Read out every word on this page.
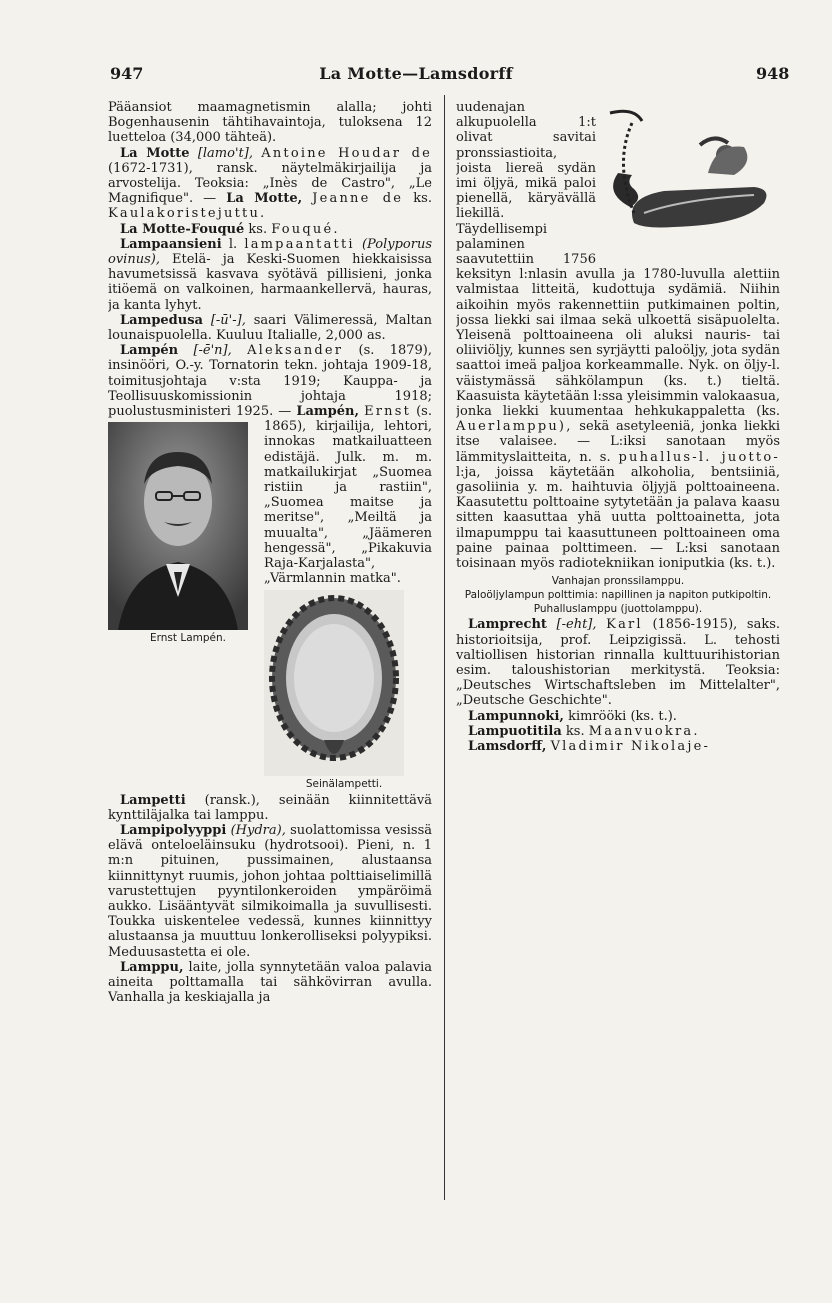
947	La Motte—Lamsdorff	948

Pääansiot maamagnetismin alalla; johti Bogenhausenin tähtihavaintoja, tuloksena 12 luetteloa (34,000 tähteä).

La Motte [lamo't], Antoine Houdar de (1672-1731), ransk. näytelmäkirjailija ja arvostelija. Teoksia: „Inès de Castro", „Le Magnifique". — La Motte, Jeanne de ks. Kaulakoristejuttu.

La Motte-Fouqué ks. Fouqué.

Lampaansieni l. lampaantatti (Polyporus ovinus), Etelä- ja Keski-Suomen hiekkaisissa havumetsissä kasvava syötävä pillisieni, jonka itiöemä on valkoinen, harmaankellervä, hauras, ja kanta lyhyt.

Lampedusa [-ū'-], saari Välimeressä, Maltan lounaispuolella. Kuuluu Italialle, 2,000 as.

Lampén [-ē'n], Aleksander (s. 1879), insinööri, O.-y. Tornatorin tekn. johtaja 1909-18, toimitusjohtaja v:sta 1919; Kauppa- ja Teollisuuskomissionin johtaja 1918; puolustusministeri 1925. —
Ernst Lampén.
Lampén, Ernst (s. 1865), kirjailija, lehtori, innokas matkailuatteen edistäjä. Julk. m. m. matkailukirjat „Suomea ristiin ja rastiin", „Suomea maitse ja meritse", „Meiltä ja muualta", „Jäämeren hengessä", „Pikakuvia Raja-Karjalasta", „Värmlannin matka".

Seinälampetti.
Lampetti (ransk.), seinään kiinnitettävä kynttiläjalka tai lamppu.

Lampipolyyppi (Hydra), suolattomissa vesissä elävä onteloeläinsuku (hydrotsooi). Pieni, n. 1 m:n pituinen, pussimainen, alustaansa kiinnittynyt ruumis, johon johtaa polttiaiselimillä varustettujen pyyntilonkeroiden ympäröimä aukko. Lisääntyvät silmikoimalla ja suvullisesti. Toukka uiskentelee vedessä, kunnes kiinnittyy alustaansa ja muuttuu lonkerolliseksi polyypiksi. Meduusastetta ei ole.

Lamppu, laite, jolla synnytetään valoa palavia aineita polttamalla tai sähkövirran avulla. Vanhalla ja keskiajalla ja

uudenajan alkupuolella 1:t olivat savitai pronssiastioita, joista liereä sydän imi öljyä, mikä paloi pienellä, käryävällä liekillä. Täydellisempi palaminen saavutettiin 1756 keksityn l:nlasin avulla ja 1780-luvulla alettiin valmistaa litteitä, kudottuja sydämiä. Niihin aikoihin myös rakennettiin putkimainen poltin, jossa liekki sai ilmaa sekä ulkoettä sisäpuolelta. Yleisenä polttoaineena oli aluksi nauris- tai oliiviöljy, kunnes sen syrjäytti paloöljy, jota sydän saattoi imeä paljoa korkeammalle. Nyk. on öljy-l. väistymässä sähkölampun (ks. t.) tieltä. Kaasuista käytetään l:ssa yleisimmin valokaasua, jonka liekki kuumentaa hehkukappaletta (ks. Auerlamppu), sekä asetyleeniä, jonka liekki itse valaisee. — L:iksi sanotaan myös lämmityslaitteita, n. s. puhallus-l. juotto- l:ja, joissa käytetään alkoholia, bentsiiniä, gasoliinia y. m. haihtuvia öljyjä polttoaineena. Kaasutettu polttoaine sytytetään ja palava kaasu sitten kaasuttaa yhä uutta polttoainetta, jota ilmapumppu tai kaasuttuneen polttoaineen oma paine painaa polttimeen. — L:ksi sanotaan toisinaan myös radiotekniikan ioniputkia (ks. t.).

Vanhajan pronssilamppu.
Paloöljylampun polttimia: napillinen ja napiton putkipoltin.
Puhalluslamppu (juottolamppu).

Lamprecht [-eht], Karl (1856-1915), saks. historioitsija, prof. Leipzigissä. L. tehosti valtiollisen historian rinnalla kulttuurihistorian esim. taloushistorian merkitystä. Teoksia: „Deutsches Wirtschaftsleben im Mittelalter", „Deutsche Geschichte".

Lampunnoki, kimrööki (ks. t.).

Lampuotitila ks. Maanvuokra.

Lamsdorff, Vladimir Nikolaje-
